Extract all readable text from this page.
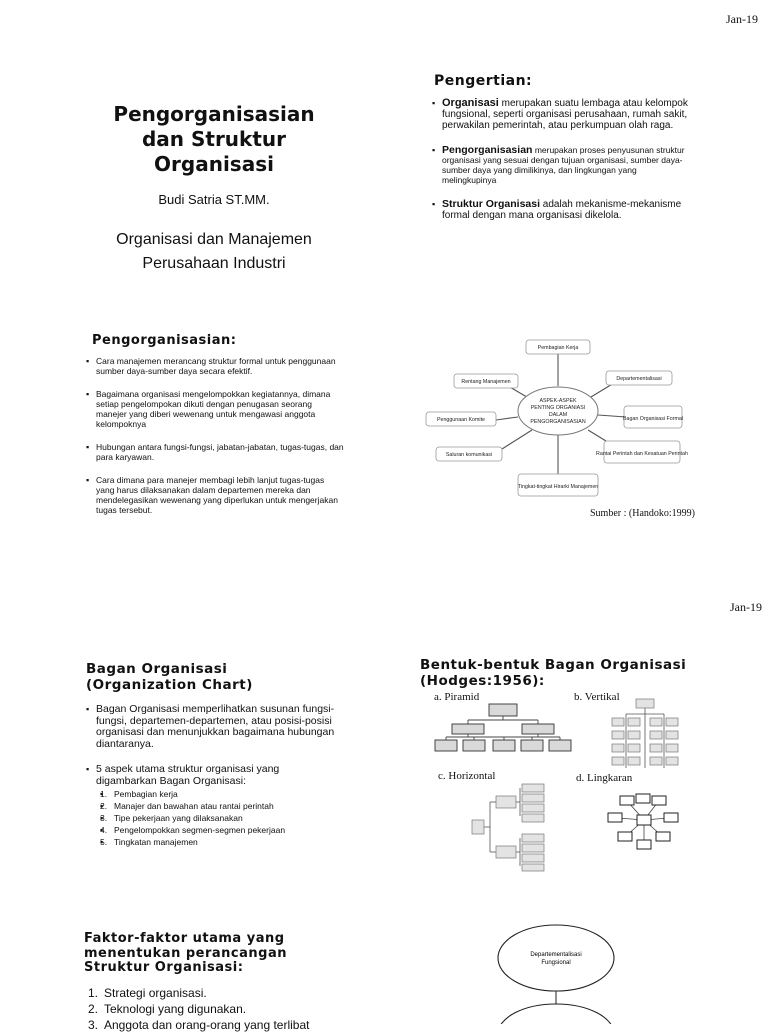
Jan-19
Pengorganisasian
dan Struktur
Organisasi
Budi Satria ST.MM.
Organisasi dan Manajemen
Perusahaan Industri
Pengertian:
▪ Organisasi merupakan suatu lembaga atau kelompok fungsional, seperti organisasi perusahaan, rumah sakit, perwakilan pemerintah, atau perkumpuan olah raga.
▪ Pengorganisasian merupakan proses penyusunan struktur organisasi yang sesuai dengan tujuan organisasi, sumber daya-sumber daya yang dimilikinya, dan lingkungan yang melingkupinya
▪ Struktur Organisasi adalah mekanisme-mekanisme formal dengan mana organisasi dikelola.
Pengorganisasian:
▪ Cara manajemen merancang struktur formal untuk penggunaan sumber daya-sumber daya secara efektif.
▪ Bagaimana organisasi mengelompokkan kegiatannya, dimana setiap pengelompokan dikuti dengan penugasan seorang manejer yang diberi wewenang untuk mengawasi anggota kelompoknya
▪ Hubungan antara fungsi-fungsi, jabatan-jabatan, tugas-tugas, dan para karyawan.
▪ Cara dimana para manejer membagi lebih lanjut tugas-tugas yang harus dilaksanakan dalam departemen mereka dan mendelegasikan wewenang yang diperlukan untuk mengerjakan tugas tersebut.
ASPEK-ASPEK
PENTING ORGANIASI
DALAM
PENGORGANISASIAN
Pembagian Kerja
Departementalisasi
Bagan Organisasi Formal
Rantai Perintah dan Kesatuan Perintah
Tingkat-tingkat Hirarki Manajemen
Saluran komunikasi
Penggunaan Komite
Rentang Manajemen
Sumber : (Handoko:1999)
Jan-19
Bagan Organisasi
(Organization Chart)
▪ Bagan Organisasi memperlihatkan susunan fungsi-fungsi, departemen-departemen, atau posisi-posisi organisasi dan menunjukkan bagaimana hubungan diantaranya.
▪ 5 aspek utama struktur organisasi yang digambarkan Bagan Organisasi:
▪ 1. Pembagian kerja
▪ 2. Manajer dan bawahan atau rantai perintah
▪ 3. Tipe pekerjaan yang dilaksanakan
▪ 4. Pengelompokkan segmen-segmen pekerjaan
▪ 5. Tingkatan manajemen
Bentuk-bentuk Bagan Organisasi
(Hodges:1956):
a. Piramid	b. Vertikal
c. Horizontal	d. Lingkaran
Faktor-faktor utama yang
menentukan perancangan
Struktur Organisasi:
1. Strategi organisasi.
2. Teknologi yang digunakan.
3. Anggota dan orang-orang yang terlibat
Departementalisasi
Fungsional
